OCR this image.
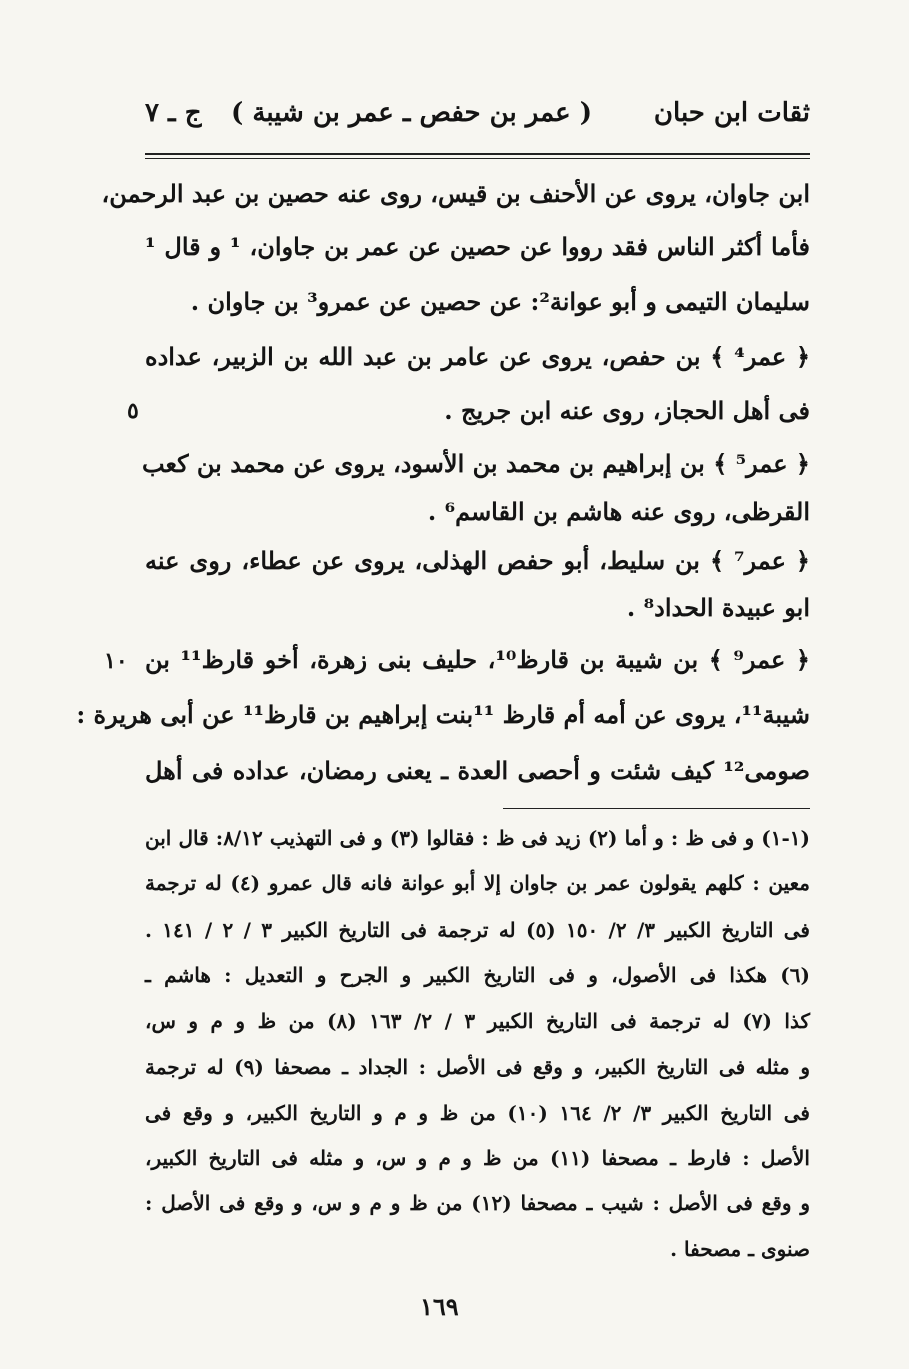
ثقات ابن حبان
( عمر بن حفص ـ عمر بن شيبة )
ج ـ ٧
ابن جاوان، يروى عن الأحنف بن قيس، روى عنه حصين بن عبد الرحمن،
فأما أكثر الناس فقد رووا عن حصين عن عمر بن جاوان، ¹ و قال ¹
سليمان التيمى و أبو عوانة²: عن حصين عن عمرو³ بن جاوان .
﴿ عمر⁴ ﴾ بن حفص، يروى عن عامر بن عبد الله بن الزبير، عداده
فى أهل الحجاز، روى عنه ابن جريج .
﴿ عمر⁵ ﴾ بن إبراهيم بن محمد بن الأسود، يروى عن محمد بن كعب
القرظى، روى عنه هاشم بن القاسم⁶ .
﴿ عمر⁷ ﴾ بن سليط، أبو حفص الهذلى، يروى عن عطاء، روى عنه
ابو عبيدة الحداد⁸ .
﴿ عمر⁹ ﴾ بن شيبة بن قارظ¹⁰، حليف بنى زهرة، أخو قارظ¹¹ بن
شيبة¹¹، يروى عن أمه أم قارظ ¹¹بنت إبراهيم بن قارظ¹¹ عن أبى هريرة :
صومى¹² كيف شئت و أحصى العدة ـ يعنى رمضان، عداده فى أهل
٥
١٠
(١-١) و فى ظ : و أما (٢) زيد فى ظ : فقالوا (٣) و فى التهذيب ٨/١٢: قال ابن
معين : كلهم يقولون عمر بن جاوان إلا أبو عوانة فانه قال عمرو (٤) له ترجمة
فى التاريخ الكبير ٣/ ٢/ ١٥٠ (٥) له ترجمة فى التاريخ الكبير ٣ / ٢ / ١٤١ .
(٦) هكذا فى الأصول، و فى التاريخ الكبير و الجرح و التعديل : هاشم ـ
كذا (٧) له ترجمة فى التاريخ الكبير ٣ / ٢/ ١٦٣ (٨) من ظ و م و س،
و مثله فى التاريخ الكبير، و وقع فى الأصل : الجداد ـ مصحفا (٩) له ترجمة
فى التاريخ الكبير ٣/ ٢/ ١٦٤ (١٠) من ظ و م و التاريخ الكبير، و وقع فى
الأصل : فارط ـ مصحفا (١١) من ظ و م و س، و مثله فى التاريخ الكبير،
و وقع فى الأصل : شيب ـ مصحفا (١٢) من ظ و م و س، و وقع فى الأصل :
صنوى ـ مصحفا .
١٦٩
